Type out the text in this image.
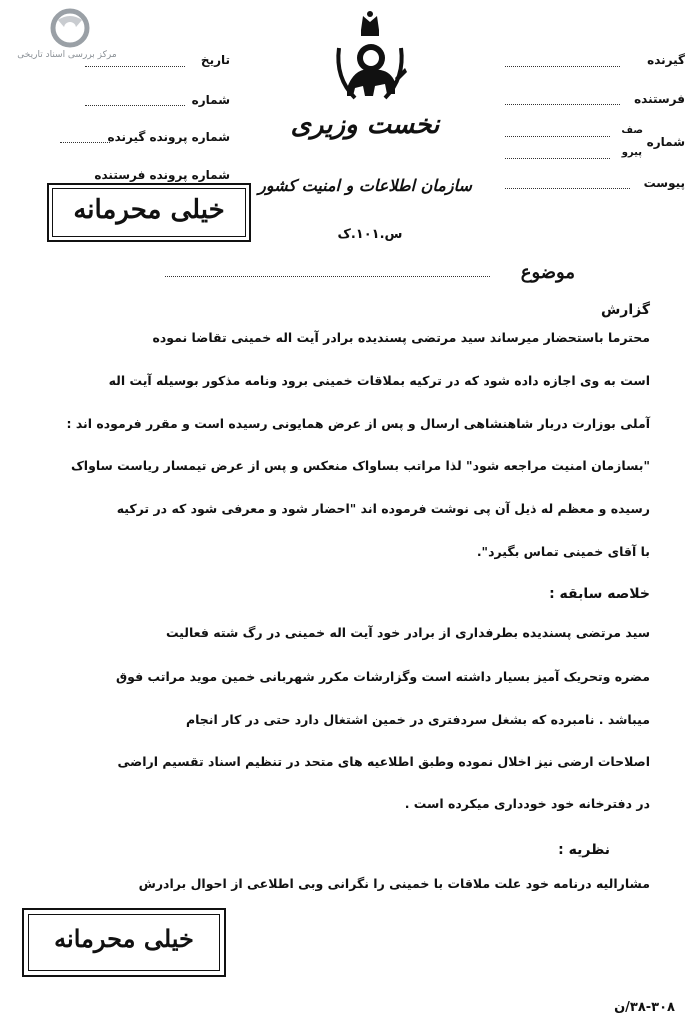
مرکز بررسی اسناد تاریخی	تاریخ
شماره
شماره پرونده گیرنده
شماره پرونده فرستنده
خیلی محرمانه
نخست وزیری
سازمان اطلاعات و امنیت کشور
س.۱۰۱.ک
گیرنده
فرستنده
شماره
صف
پیرو
پیوست
موضوع
گزارش
محترما باستحضار میرساند سید مرتضی پسندیده برادر آیت اله خمینی تقاضا نموده
است به وی اجازه داده شود که در ترکیه بملاقات خمینی برود ونامه مذکور بوسیله آیت اله
آملی بوزارت دربار شاهنشاهی ارسال و پس از عرض همایونی رسیده است و مقرر فرموده اند :
"بسازمان امنیت مراجعه شود" لذا مراتب بساواک منعکس و پس از عرض تیمسار ریاست ساواک
رسیده و معظم له ذیل آن پی نوشت فرموده اند "احضار شود و معرفی شود که در ترکیه
با آقای خمینی تماس بگیرد".
خلاصه سابقه :
سید مرتضی پسندیده بطرفداری از برادر خود آیت اله خمینی در رگ شته فعالیت
مضره وتحریک آمیز بسیار داشته است وگزارشات مکرر شهربانی خمین موید مراتب فوق
میباشد . نامبرده که بشغل سردفتری در خمین اشتغال دارد حتی در کار انجام
اصلاحات ارضی نیز اخلال نموده وطبق اطلاعیه های متحد در تنظیم اسناد تقسیم اراضی
در دفترخانه خود خودداری میکرده است .
نظریه :
مشارالیه درنامه خود علت ملاقات با خمینی را نگرانی وبی اطلاعی از احوال برادرش
خیلی محرمانه
۳۸-۳۰۸/ن
